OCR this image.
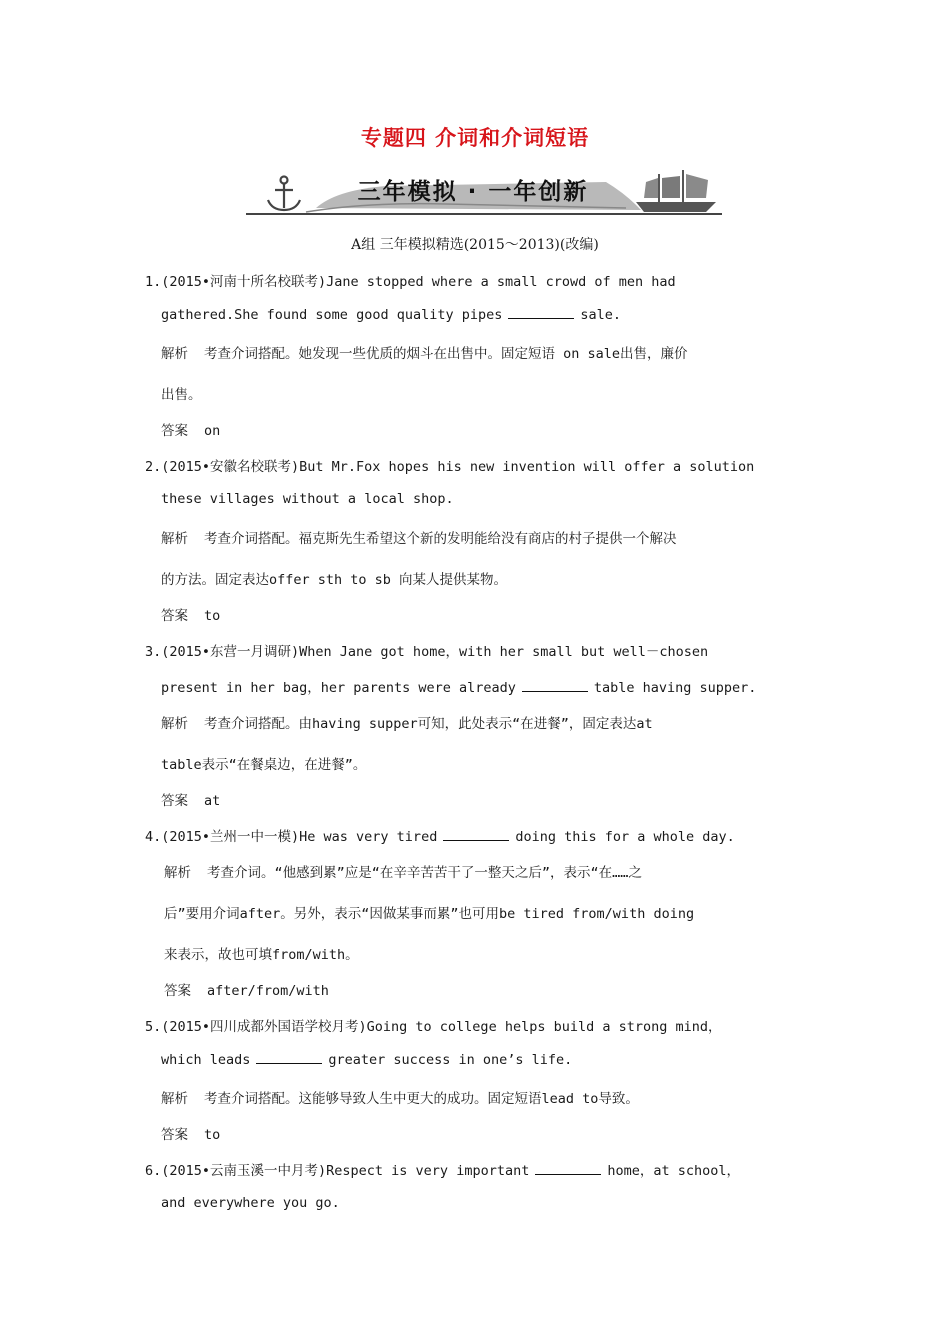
专题四 介词和介词短语
三年模拟 · 一年创新
A组 三年模拟精选(2015～2013)(改编)
1.(2015•河南十所名校联考)Jane stopped where a small crowd of men had
gathered.She found some good quality pipes	sale.
解析 考查介词搭配。她发现一些优质的烟斗在出售中。固定短语 on sale出售，廉价
出售。
答案 on
2.(2015•安徽名校联考)But Mr.Fox hopes his new invention will offer a solution
these villages without a local shop.
解析 考查介词搭配。福克斯先生希望这个新的发明能给没有商店的村子提供一个解决
的方法。固定表达offer sth to sb 向某人提供某物。
答案 to
3.(2015•东营一月调研)When Jane got home，with her small but well－chosen
present in her bag，her parents were already	table having supper.
解析 考查介词搭配。由having supper可知，此处表示“在进餐”，固定表达at
table表示“在餐桌边，在进餐”。
答案 at
4.(2015•兰州一中一模)He was very tired	doing this for a whole day.
解析 考查介词。“他感到累”应是“在辛辛苦苦干了一整天之后”，表示“在……之
后”要用介词after。另外，表示“因做某事而累”也可用be tired from/with doing
来表示，故也可填from/with。
答案 after/from/with
5.(2015•四川成都外国语学校月考)Going to college helps build a strong mind，
which leads	greater success in one’s life.
解析 考查介词搭配。这能够导致人生中更大的成功。固定短语lead to导致。
答案 to
6.(2015•云南玉溪一中月考)Respect is very important	home，at school，
and everywhere you go.
